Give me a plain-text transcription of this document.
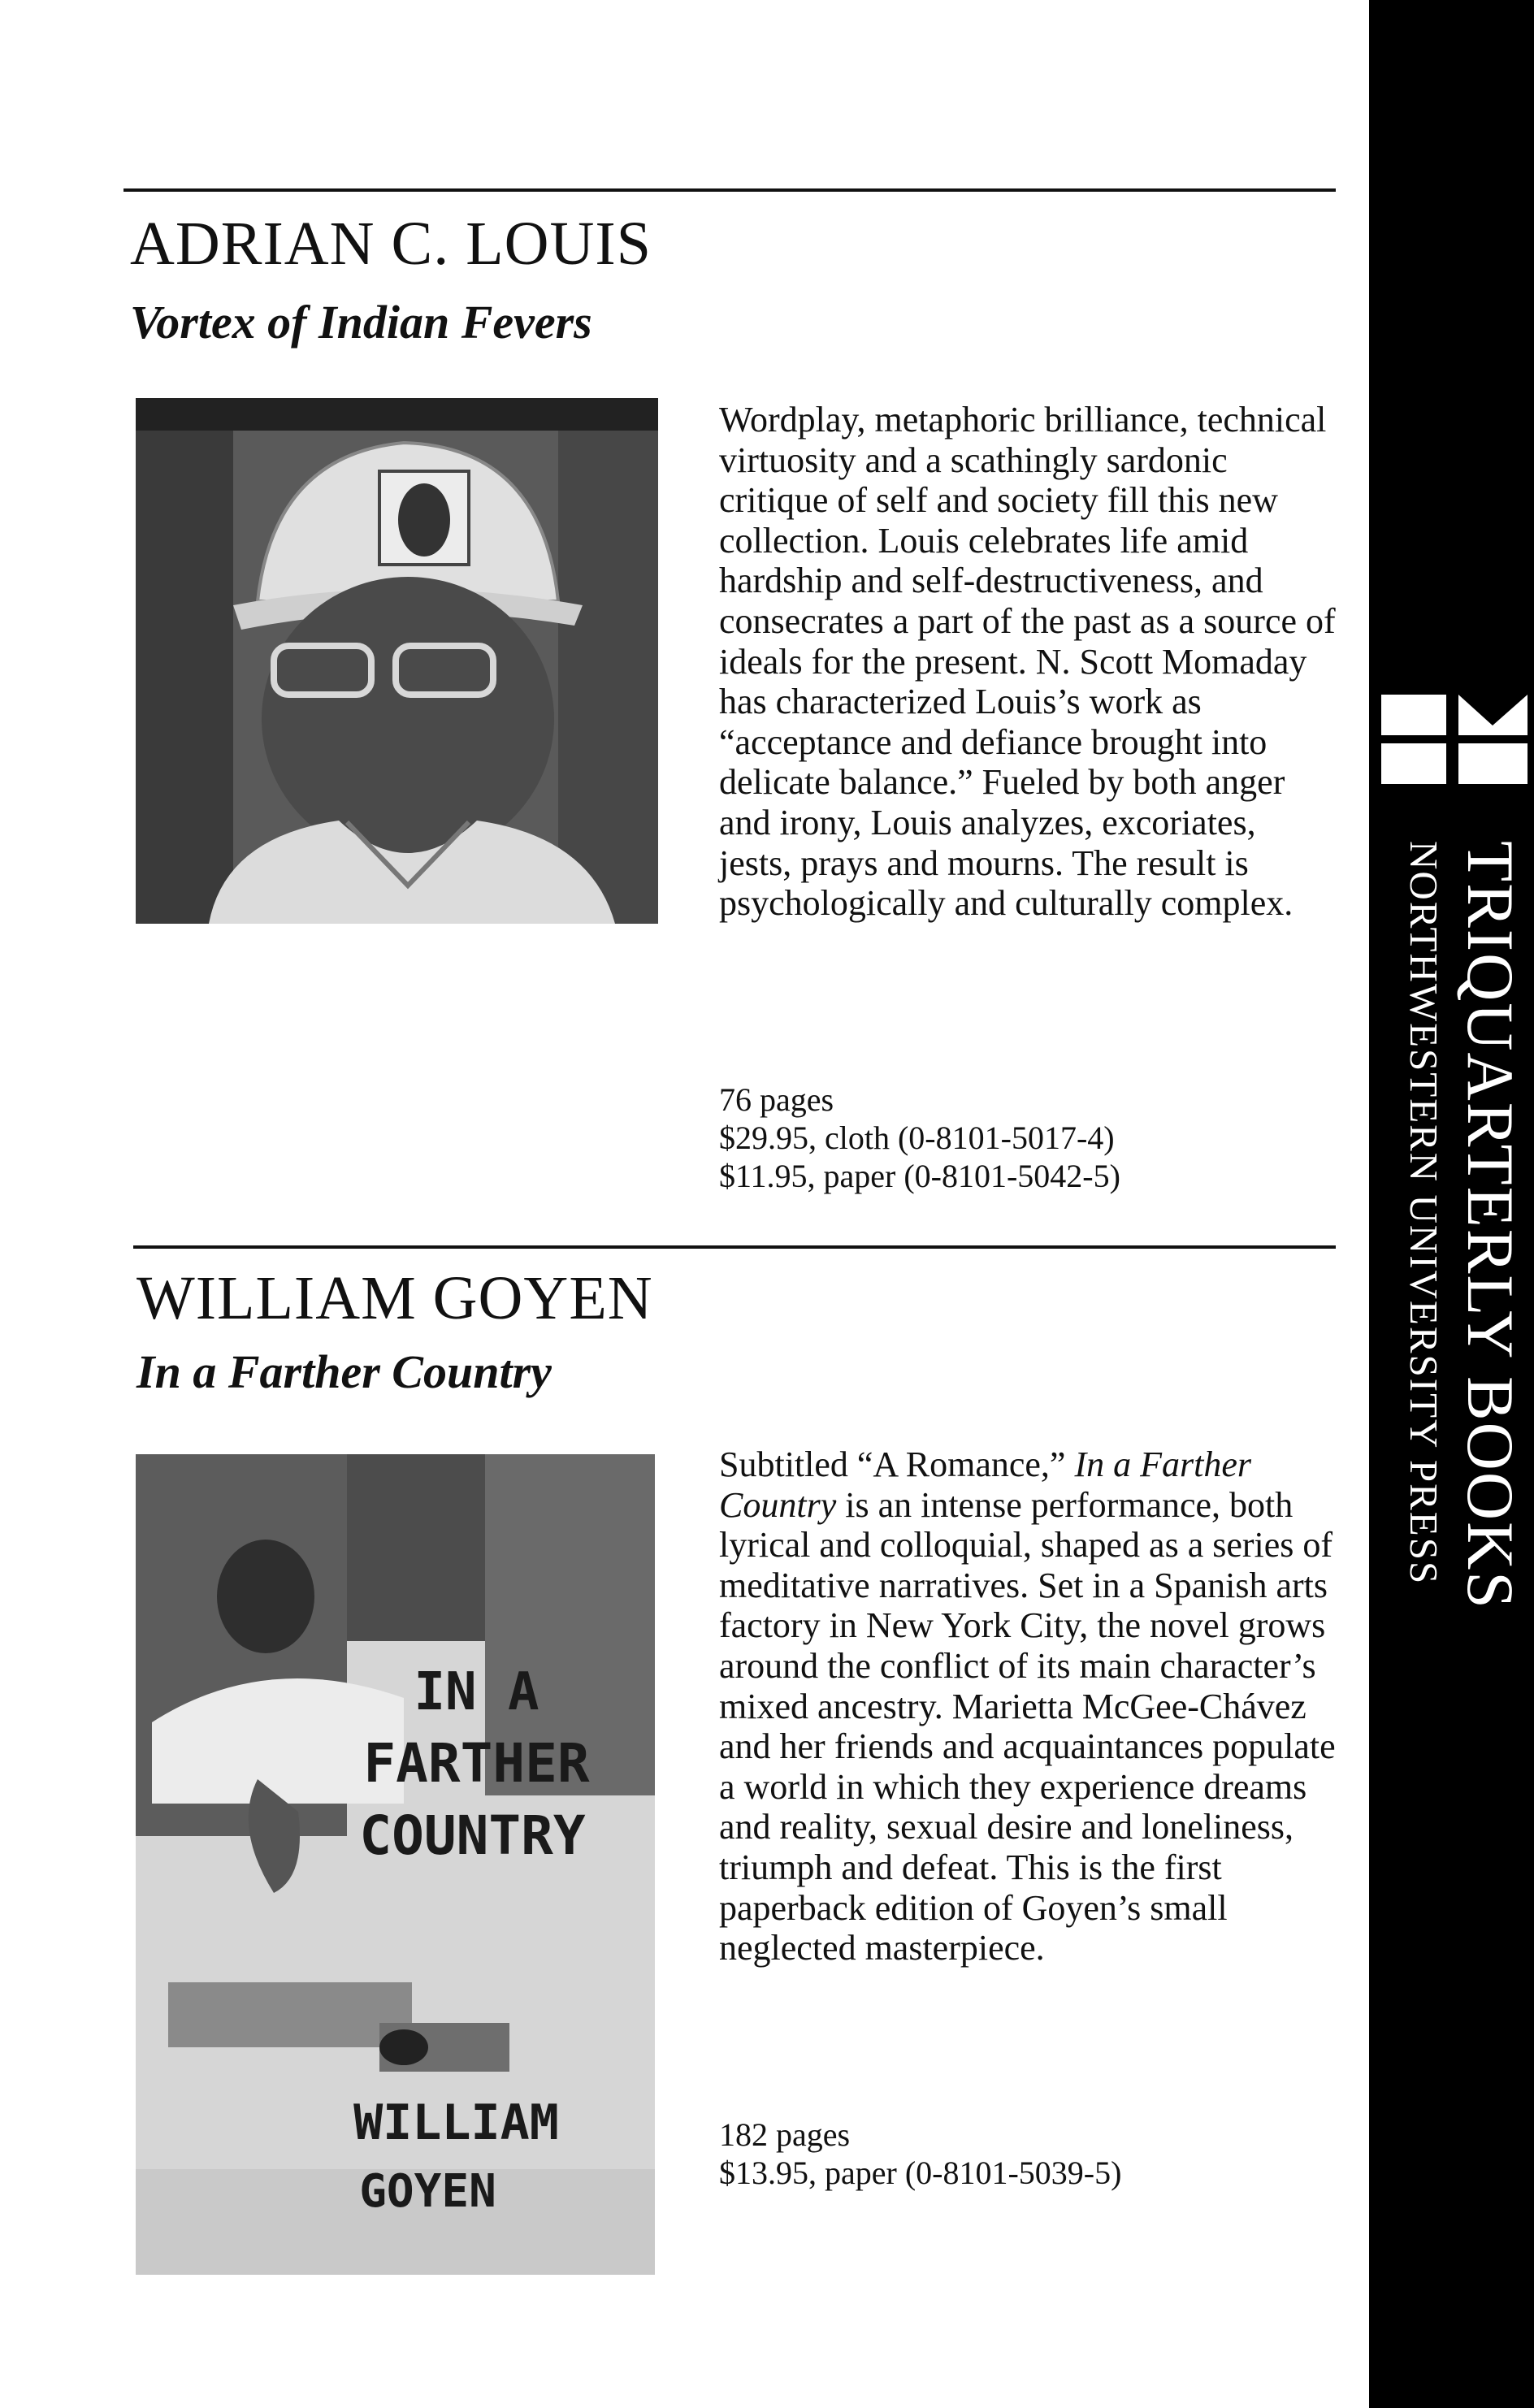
ADRIAN C. LOUIS
Vortex of Indian Fevers

Wordplay, metaphoric brilliance, technical virtuosity and a scathingly sardonic critique of self and society fill this new collection. Louis celebrates life amid hardship and self-destructiveness, and consecrates a part of the past as a source of ideals for the present. N. Scott Momaday has characterized Louis’s work as “acceptance and defiance brought into delicate balance.” Fueled by both anger and irony, Louis analyzes, excoriates, jests, prays and mourns. The result is psychologically and culturally complex.

76 pages
$29.95, cloth (0-8101-5017-4)
$11.95, paper (0-8101-5042-5)
WILLIAM GOYEN
In a Farther Country
IN A
FARTHER
COUNTRY
WILLIAM
GOYEN

Subtitled “A Romance,” In a Farther Country is an intense performance, both lyrical and colloquial, shaped as a series of meditative narratives. Set in a Spanish arts factory in New York City, the novel grows around the conflict of its main character’s mixed ancestry. Marietta McGee-Chávez and her friends and acquaintances populate a world in which they experience dreams and reality, sexual desire and loneliness, triumph and defeat. This is the first paperback edition of Goyen’s small neglected masterpiece.

182 pages
$13.95, paper (0-8101-5039-5)
TRIQUARTERLY BOOKS
NORTHWESTERN UNIVERSITY PRESS
